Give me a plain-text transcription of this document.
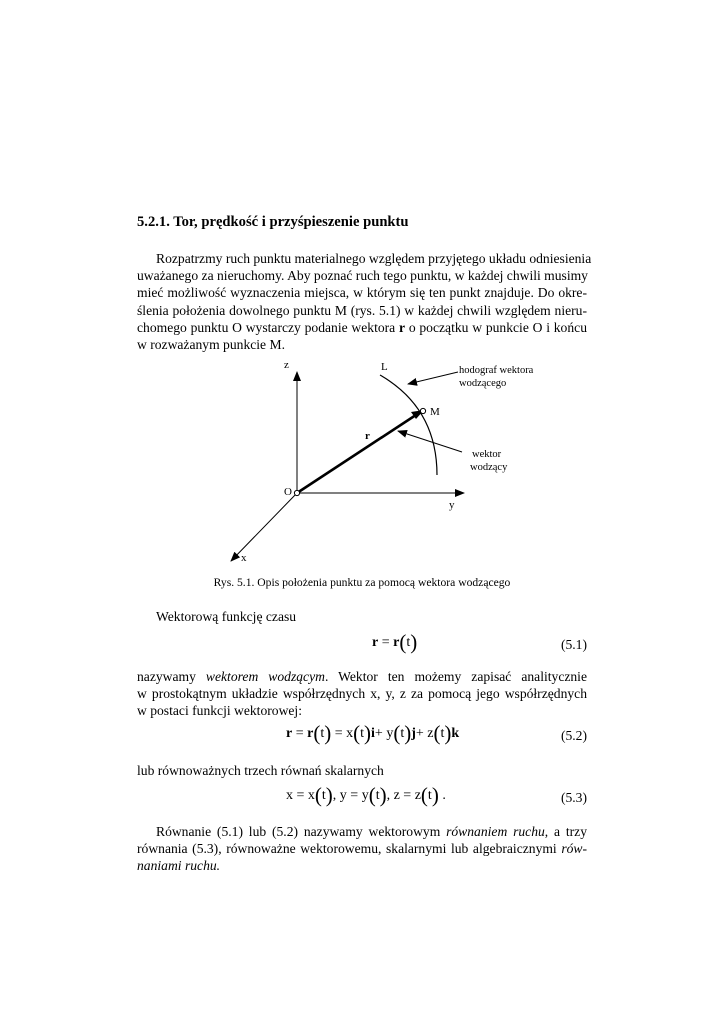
5.2.1. Tor, prędkość i przyśpieszenie punktu
Rozpatrzmy ruch punktu materialnego względem przyjętego układu odniesienia
uważanego za nieruchomy. Aby poznać ruch tego punktu, w każdej chwili musimy
mieć możliwość wyznaczenia miejsca, w którym się ten punkt znajduje. Do okre-
ślenia położenia dowolnego punktu M (rys. 5.1) w każdej chwili względem nieru-
chomego punktu O wystarczy podanie wektora r o początku w punkcie O i końcu
w rozważanym punkcie M.
z	L
M
r
O
y
x
hodograf wektora
wodzącego
wektor
wodzący
Rys. 5.1. Opis położenia punktu za pomocą wektora wodzącego
Wektorową funkcję czasu
r = r(t)	(5.1)
nazywamy wektorem wodzącym. Wektor ten możemy zapisać analitycznie
w prostokątnym układzie współrzędnych x, y, z za pomocą jego współrzędnych
w postaci funkcji wektorowej:
r = r(t) = x(t)i+ y(t)j+ z(t)k	(5.2)
lub równoważnych trzech równań skalarnych
x = x(t), y = y(t), z = z(t) .	(5.3)
Równanie (5.1) lub (5.2) nazywamy wektorowym równaniem ruchu, a trzy
równania (5.3), równoważne wektorowemu, skalarnymi lub algebraicznymi rów-
naniami ruchu.
